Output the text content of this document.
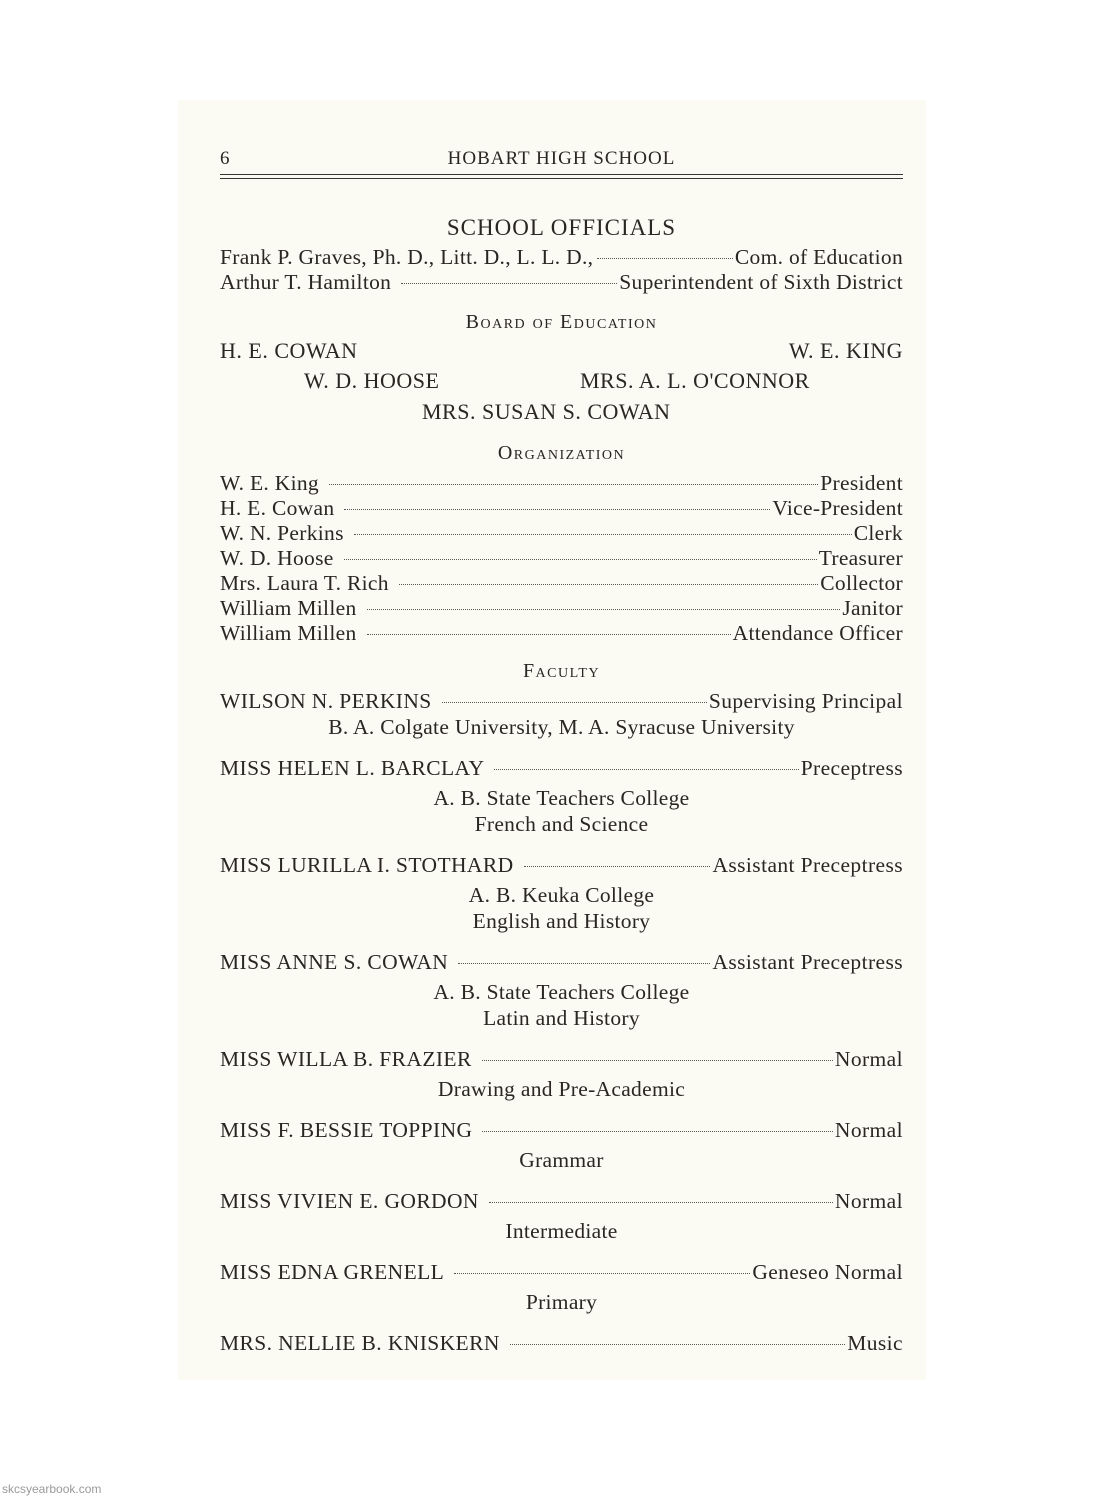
6	HOBART HIGH SCHOOL
SCHOOL OFFICIALS
Frank P. Graves, Ph. D., Litt. D., L. L. D.,	Com. of Education
Arthur T. Hamilton	Superintendent of Sixth District
Board of Education
H. E. COWAN	W. E. KING
W. D. HOOSE	MRS. A. L. O'CONNOR
MRS. SUSAN S. COWAN
Organization
W. E. King	President
H. E. Cowan	Vice-President
W. N. Perkins	Clerk
W. D. Hoose	Treasurer
Mrs. Laura T. Rich	Collector
William Millen	Janitor
William Millen	Attendance Officer
Faculty
WILSON N. PERKINS	Supervising Principal
B. A. Colgate University, M. A. Syracuse University
MISS HELEN L. BARCLAY	Preceptress
A. B. State Teachers College
French and Science
MISS LURILLA I. STOTHARD	Assistant Preceptress
A. B. Keuka College
English and History
MISS ANNE S. COWAN	Assistant Preceptress
A. B. State Teachers College
Latin and History
MISS WILLA B. FRAZIER	Normal
Drawing and Pre-Academic
MISS F. BESSIE TOPPING	Normal
Grammar
MISS VIVIEN E. GORDON	Normal
Intermediate
MISS EDNA GRENELL	Geneseo Normal
Primary
MRS. NELLIE B. KNISKERN	Music
skcsyearbook.com
